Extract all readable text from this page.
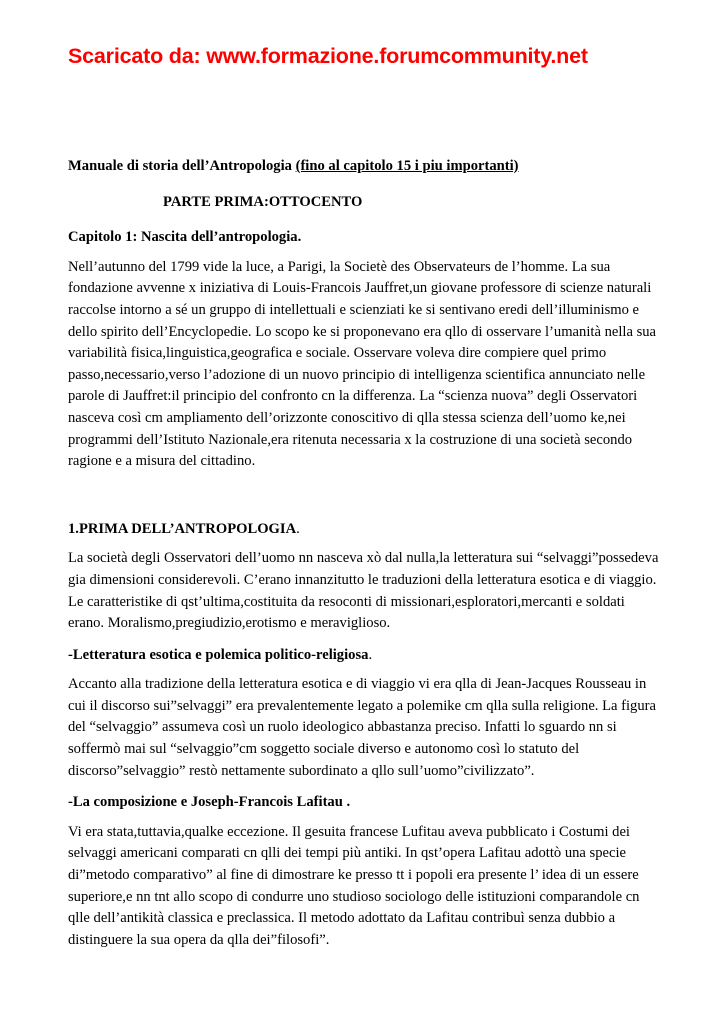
Scaricato da: www.formazione.forumcommunity.net

Manuale di storia dell’Antropologia (fino al capitolo 15 i piu importanti)

PARTE PRIMA:OTTOCENTO

Capitolo 1: Nascita dell’antropologia.

Nell’autunno del 1799 vide la luce, a Parigi, la Societè des Observateurs de l’homme. La sua fondazione avvenne x iniziativa di Louis-Francois Jauffret,un giovane professore di scienze naturali raccolse intorno a sé un gruppo di intellettuali e scienziati ke si sentivano eredi dell’illuminismo e dello spirito dell’Encyclopedie. Lo scopo ke si proponevano era qllo di osservare l’umanità nella sua variabilità fisica,linguistica,geografica e sociale. Osservare voleva dire compiere quel primo passo,necessario,verso l’adozione di un nuovo principio di intelligenza scientifica annunciato nelle parole di Jauffret:il principio del confronto cn la differenza. La “scienza nuova” degli Osservatori nasceva così cm ampliamento dell’orizzonte conoscitivo di qlla stessa scienza dell’uomo ke,nei programmi dell’Istituto Nazionale,era ritenuta necessaria x la costruzione di una società secondo ragione e a misura del cittadino.

1.PRIMA DELL’ANTROPOLOGIA.

La società degli Osservatori dell’uomo nn nasceva xò dal nulla,la letteratura sui “selvaggi”possedeva gia dimensioni considerevoli. C’erano innanzitutto le traduzioni della letteratura esotica e di viaggio. Le caratteristike di qst’ultima,costituita da resoconti di missionari,esploratori,mercanti e soldati erano. Moralismo,pregiudizio,erotismo e meraviglioso.

-Letteratura esotica e polemica politico-religiosa.

Accanto alla tradizione della letteratura esotica e di viaggio vi era qlla di Jean-Jacques Rousseau in cui il discorso sui”selvaggi” era prevalentemente legato a polemike cm qlla sulla religione. La figura del “selvaggio” assumeva così un ruolo ideologico abbastanza preciso. Infatti lo sguardo nn si soffermò mai sul “selvaggio”cm soggetto sociale diverso e autonomo così lo statuto del discorso”selvaggio” restò nettamente subordinato a qllo sull’uomo”civilizzato”.

-La composizione e Joseph-Francois Lafitau .

Vi era stata,tuttavia,qualke eccezione. Il gesuita francese Lufitau aveva pubblicato i Costumi dei selvaggi americani comparati cn qlli dei tempi più antiki. In qst’opera Lafitau adottò una specie di”metodo comparativo” al fine di dimostrare ke presso tt i popoli era presente l’ idea di un essere superiore,e nn tnt allo scopo di condurre uno studioso sociologo delle istituzioni comparandole cn qlle dell’antikità classica e preclassica. Il metodo adottato da Lafitau contribuì senza dubbio a distinguere la sua opera da qlla dei”filosofi”.
